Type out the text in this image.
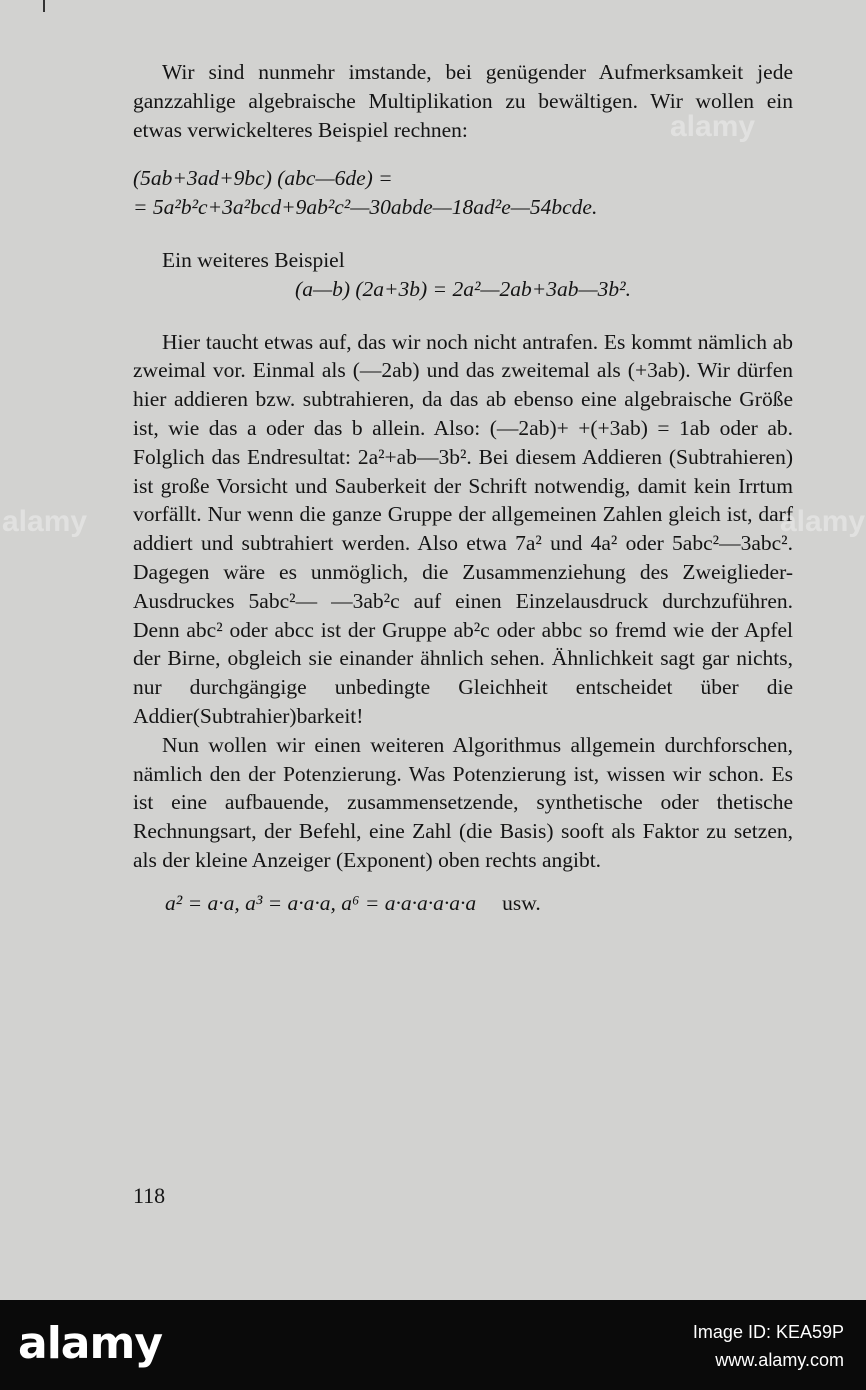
Wir sind nunmehr imstande, bei genügender Aufmerksamkeit jede ganzzahlige algebraische Multiplikation zu bewältigen. Wir wollen ein etwas verwickelteres Beispiel rechnen:

(5ab+3ad+9bc) (abc—6de) =

= 5a²b²c+3a²bcd+9ab²c²—30abde—18ad²e—54bcde.

Ein weiteres Beispiel

(a—b) (2a+3b) = 2a²—2ab+3ab—3b².

Hier taucht etwas auf, das wir noch nicht antrafen. Es kommt nämlich ab zweimal vor. Einmal als (—2ab) und das zweitemal als (+3ab). Wir dürfen hier addieren bzw. subtrahieren, da das ab ebenso eine algebraische Größe ist, wie das a oder das b allein. Also: (—2ab)+ +(+3ab) = 1ab oder ab. Folglich das Endresultat: 2a²+ab—3b². Bei diesem Addieren (Subtrahieren) ist große Vorsicht und Sauberkeit der Schrift notwendig, damit kein Irrtum vorfällt. Nur wenn die ganze Gruppe der allgemeinen Zahlen gleich ist, darf addiert und subtrahiert werden. Also etwa 7a² und 4a² oder 5abc²—3abc². Dagegen wäre es unmöglich, die Zusammenziehung des Zweiglieder-Ausdruckes 5abc²— —3ab²c auf einen Einzelausdruck durchzuführen. Denn abc² oder abcc ist der Gruppe ab²c oder abbc so fremd wie der Apfel der Birne, obgleich sie einander ähnlich sehen. Ähnlichkeit sagt gar nichts, nur durchgängige unbedingte Gleichheit entscheidet über die Addier(Subtrahier)barkeit!

Nun wollen wir einen weiteren Algorithmus allgemein durchforschen, nämlich den der Potenzierung. Was Potenzierung ist, wissen wir schon. Es ist eine aufbauende, zusammensetzende, synthetische oder thetische Rechnungsart, der Befehl, eine Zahl (die Basis) sooft als Faktor zu setzen, als der kleine Anzeiger (Exponent) oben rechts angibt.

a² = a·a, a³ = a·a·a, a⁶ = a·a·a·a·a·a usw.

118
alamy
alamy
alamy
alamy	Image ID: KEA59P
www.alamy.com
